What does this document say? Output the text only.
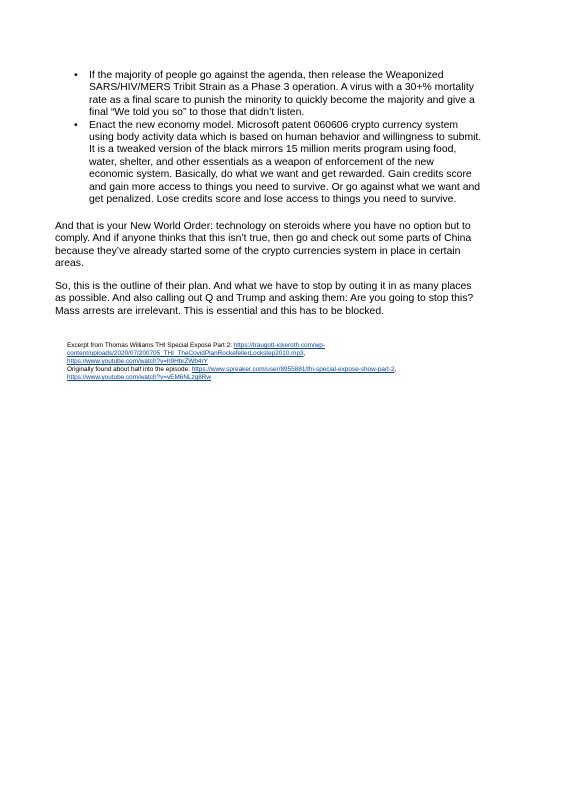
• If the majority of people go against the agenda, then release the Weaponized
SARS/HIV/MERS Tribit Strain as a Phase 3 operation. A virus with a 30+% mortality
rate as a final scare to punish the minority to quickly become the majority and give a
final “We told you so” to those that didn’t listen.
• Enact the new economy model. Microsoft patent 060606 crypto currency system
using body activity data which is based on human behavior and willingness to submit.
It is a tweaked version of the black mirrors 15 million merits program using food,
water, shelter, and other essentials as a weapon of enforcement of the new
economic system. Basically, do what we want and get rewarded. Gain credits score
and gain more access to things you need to survive. Or go against what we want and
get penalized. Lose credits score and lose access to things you need to survive.

And that is your New World Order: technology on steroids where you have no option but to
comply. And if anyone thinks that this isn’t true, then go and check out some parts of China
because they’ve already started some of the crypto currencies system in place in certain
areas.

So, this is the outline of their plan. And what we have to stop by outing it in as many places
as possible. And also calling out Q and Trump and asking them: Are you going to stop this?
Mass arrests are irrelevant. This is essential and this has to be blocked.

Excerpt from Thomas Williams THI Special Exposé Part 2: https://traugott-ickeroth.com/wp-
content/uploads/2020/07/200705_THI_TheCovidPlanRockefellerLockstep2010.mp3,
https://www.youtube.com/watch?v=h9HbrZWb4rY
Originally found about half into the episode: https://www.spreaker.com/user/8955881/thi-special-expose-show-part-2,
https://www.youtube.com/watch?v=vEM6NLzg8Rw
